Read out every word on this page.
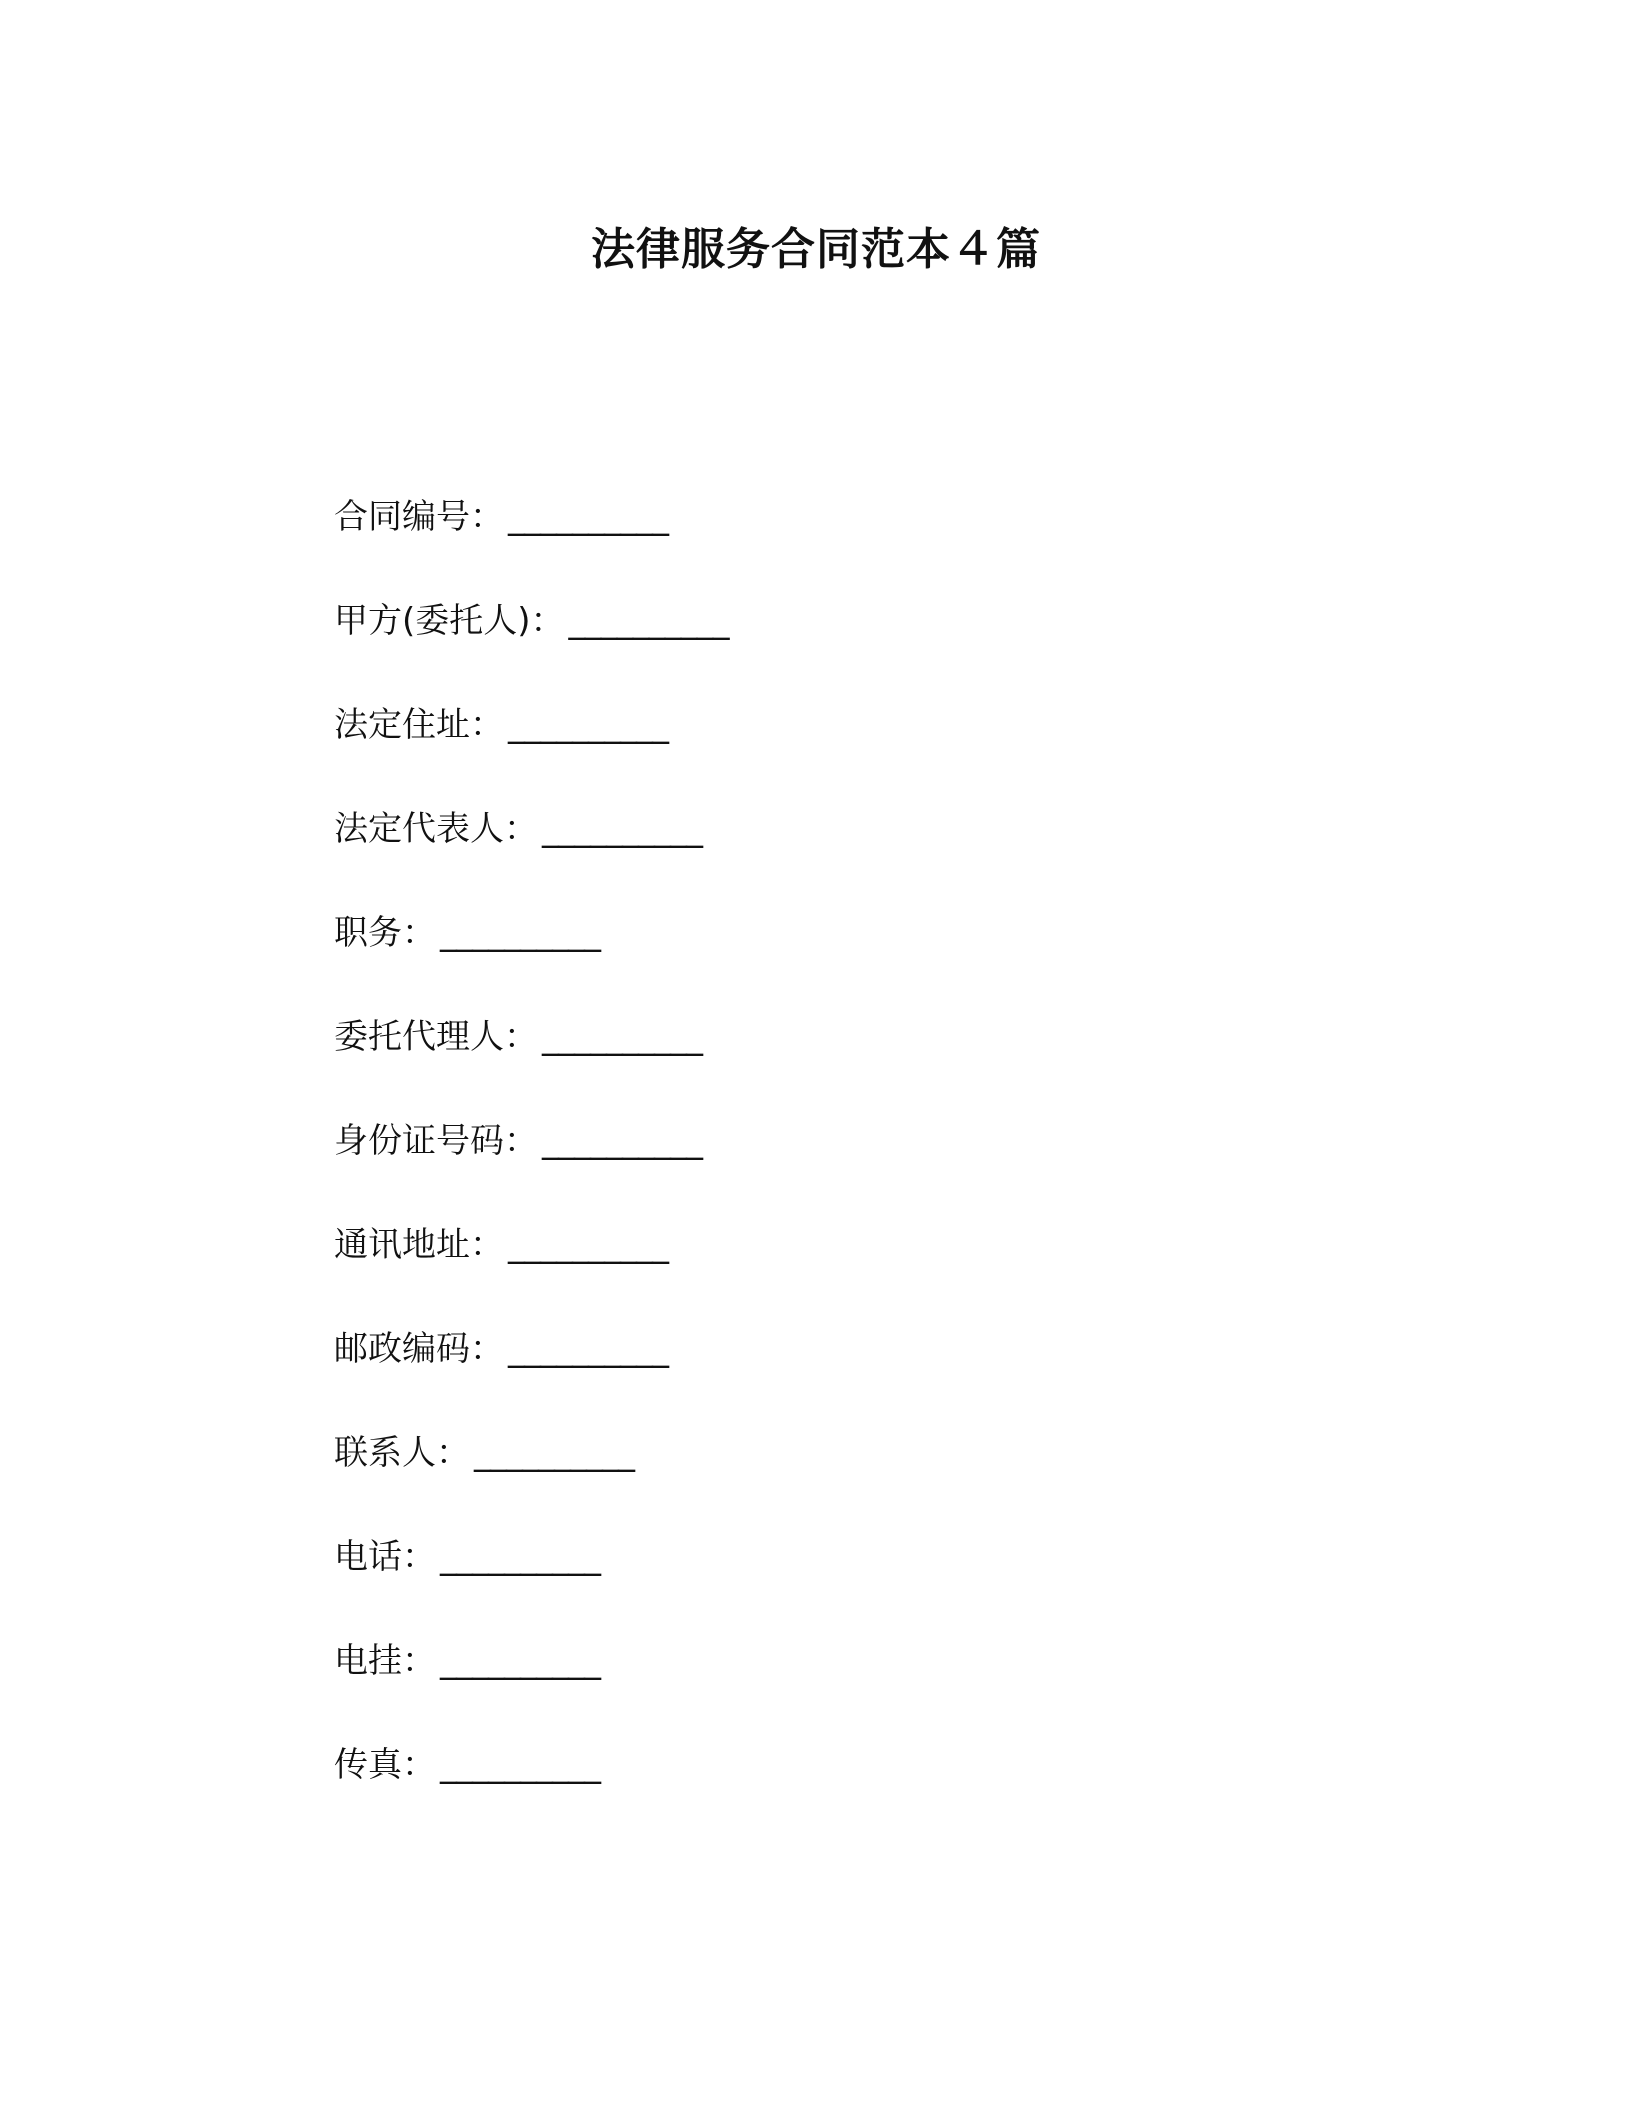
法律服务合同范本４篇
合同编号： __________
甲方(委托人)： __________
法定住址： __________
法定代表人： __________
职务： __________
委托代理人： __________
身份证号码： __________
通讯地址： __________
邮政编码： __________
联系人： __________
电话： __________
电挂： __________
传真： __________
